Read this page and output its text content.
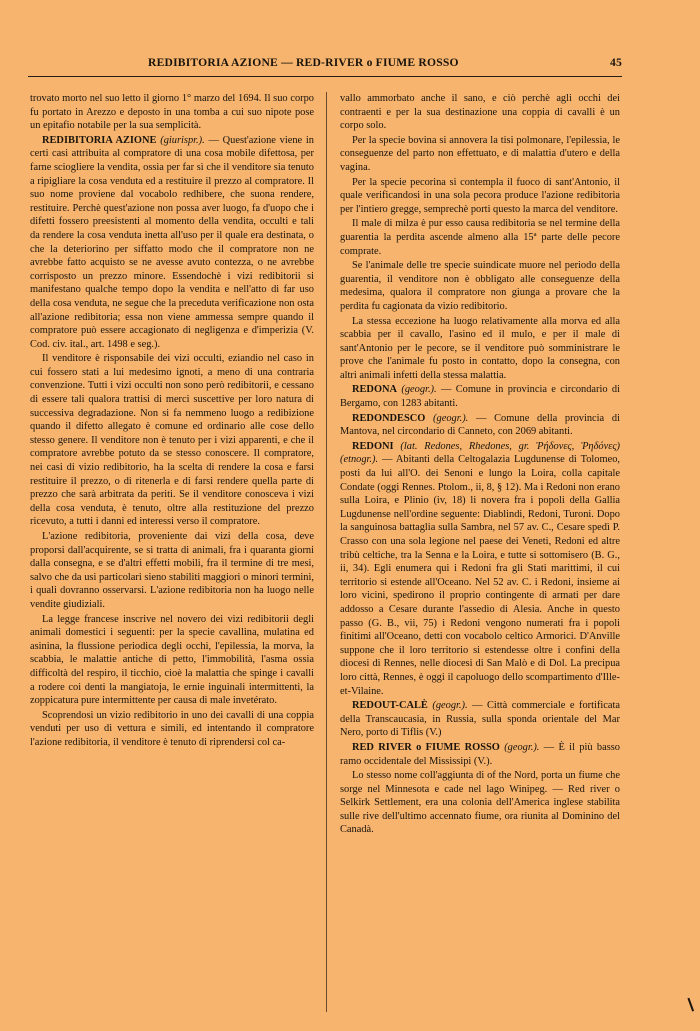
REDIBITORIA AZIONE — RED-RIVER o FIUME ROSSO	45

trovato morto nel suo letto il giorno 1° marzo del 1694. Il suo corpo fu portato in Arezzo e deposto in una tomba a cui suo nipote pose un epitafio notabile per la sua semplicità.

REDIBITORIA AZIONE (giurispr.). — Quest'azione viene in certi casi attribuita al compratore di una cosa mobile difettosa, per farne sciogliere la vendita, ossia per far sì che il venditore sia tenuto a ripigliare la cosa venduta ed a restituire il prezzo al compratore. Il suo nome proviene dal vocabolo redhibere, che suona rendere, restituire. Perchè quest'azione non possa aver luogo, fa d'uopo che i difetti fossero preesistenti al momento della vendita, occulti e tali da rendere la cosa venduta inetta all'uso per il quale era destinata, o che la deteriorino per siffatto modo che il compratore non ne avrebbe fatto acquisto se ne avesse avuto contezza, o ne avrebbe corrisposto un prezzo minore. Essendochè i vizi redibitorii si manifestano qualche tempo dopo la vendita e nell'atto di far uso della cosa venduta, ne segue che la preceduta verificazione non osta all'azione redibitoria; essa non viene ammessa sempre quando il compratore può essere accagionato di negligenza e d'imperizia (V. Cod. civ. ital., art. 1498 e seg.).

Il venditore è risponsabile dei vizi occulti, eziandio nel caso in cui fossero stati a lui medesimo ignoti, a meno di una contraria convenzione. Tutti i vizi occulti non sono però redibitorii, e cessano di essere tali qualora trattisi di merci suscettive per loro natura di successiva degradazione. Non si fa nemmeno luogo a redibizione quando il difetto allegato è comune ed ordinario alle cose dello stesso genere. Il venditore non è tenuto per i vizi apparenti, e che il compratore avrebbe potuto da se stesso conoscere. Il compratore, nei casi di vizio redibitorio, ha la scelta di rendere la cosa e farsi restituire il prezzo, o di ritenerla e di farsi rendere quella parte di prezzo che sarà arbitrata da periti. Se il venditore conosceva i vizi della cosa venduta, è tenuto, oltre alla restituzione del prezzo ricevuto, a tutti i danni ed interessi verso il compratore.

L'azione redibitoria, proveniente dai vizi della cosa, deve proporsi dall'acquirente, se si tratta di animali, fra i quaranta giorni dalla consegna, e se d'altri effetti mobili, fra il termine di tre mesi, salvo che da usi particolari sieno stabiliti maggiori o minori termini, i quali dovranno osservarsi. L'azione redibitoria non ha luogo nelle vendite giudiziali.

La legge francese inscrive nel novero dei vizi redibitorii degli animali domestici i seguenti: per la specie cavallina, mulatina ed asinina, la flussione periodica degli occhi, l'epilessia, la morva, la scabbia, le malattie antiche di petto, l'immobilità, l'asma ossia difficoltà del respiro, il ticchio, cioè la malattia che spinge i cavalli a rodere coi denti la mangiatoja, le ernie inguinali intermittenti, la zoppicatura pure intermittente per causa di male invetérato.

Scoprendosi un vizio redibitorio in uno dei cavalli di una coppia venduti per uso di vettura e simili, ed intentando il compratore l'azione redibitoria, il venditore è tenuto di riprendersi col ca-

vallo ammorbato anche il sano, e ciò perchè agli occhi dei contraenti e per la sua destinazione una coppia di cavalli è un corpo solo.

Per la specie bovina si annovera la tisi polmonare, l'epilessia, le conseguenze del parto non effettuato, e di malattia d'utero e della vagina.

Per la specie pecorina si contempla il fuoco di sant'Antonio, il quale verificandosi in una sola pecora produce l'azione redibitoria per l'intiero gregge, semprechè porti questo la marca del venditore.

Il male di milza è pur esso causa redibitoria se nel termine della guarentia la perdita ascende almeno alla 15ª parte delle pecore comprate.

Se l'animale delle tre specie suindicate muore nel periodo della guarentia, il venditore non è obbligato alle conseguenze della medesima, qualora il compratore non giunga a provare che la perdita fu cagionata da vizio redibitorio.

La stessa eccezione ha luogo relativamente alla morva ed alla scabbia per il cavallo, l'asino ed il mulo, e per il male di sant'Antonio per le pecore, se il venditore può somministrare le prove che l'animale fu posto in contatto, dopo la consegna, con altri animali infetti della stessa malattia.

REDONA (geogr.). — Comune in provincia e circondario di Bergamo, con 1283 abitanti.

REDONDESCO (geogr.). — Comune della provincia di Mantova, nel circondario di Canneto, con 2069 abitanti.

REDONI (lat. Redones, Rhedones, gr. Ῥήδονες, Ῥηδόνες) (etnogr.). — Abitanti della Celtogalazia Lugdunense di Tolomeo, posti da lui all'O. dei Senoni e lungo la Loira, colla capitale Condate (oggi Rennes. Ptolom., ii, 8, § 12). Ma i Redoni non erano sulla Loira, e Plinio (iv, 18) li novera fra i popoli della Gallia Lugdunense nell'ordine seguente: Diablindi, Redoni, Turoni. Dopo la sanguinosa battaglia sulla Sambra, nel 57 av. C., Cesare spedì P. Crasso con una sola legione nel paese dei Veneti, Redoni ed altre tribù celtiche, tra la Senna e la Loira, e tutte si sottomisero (B. G., ii, 34). Egli enumera qui i Redoni fra gli Stati marittimi, il cui territorio si estende all'Oceano. Nel 52 av. C. i Redoni, insieme ai loro vicini, spedirono il proprio contingente di armati per dare addosso a Cesare durante l'assedio di Alesia. Anche in questo passo (G. B., vii, 75) i Redoni vengono numerati fra i popoli finitimi all'Oceano, detti con vocabolo celtico Armorici. D'Anville suppone che il loro territorio si estendesse oltre i confini della diocesi di Rennes, nelle diocesi di San Malò e di Dol. La precipua loro città, Rennes, è oggi il capoluogo dello scompartimento d'Ille-et-Vilaine.

REDOUT-CALÈ (geogr.). — Città commerciale e fortificata della Transcaucasia, in Russia, sulla sponda orientale del Mar Nero, porto di Tiflis (V.)

RED RIVER o FIUME ROSSO (geogr.). — È il più basso ramo occidentale del Mississipi (V.).

Lo stesso nome coll'aggiunta di of the Nord, porta un fiume che sorge nel Minnesota e cade nel lago Winipeg. — Red river o Selkirk Settlement, era una colonia dell'America inglese stabilita sulle rive dell'ultimo accennato fiume, ora riunita al Dominino del Canadà.
